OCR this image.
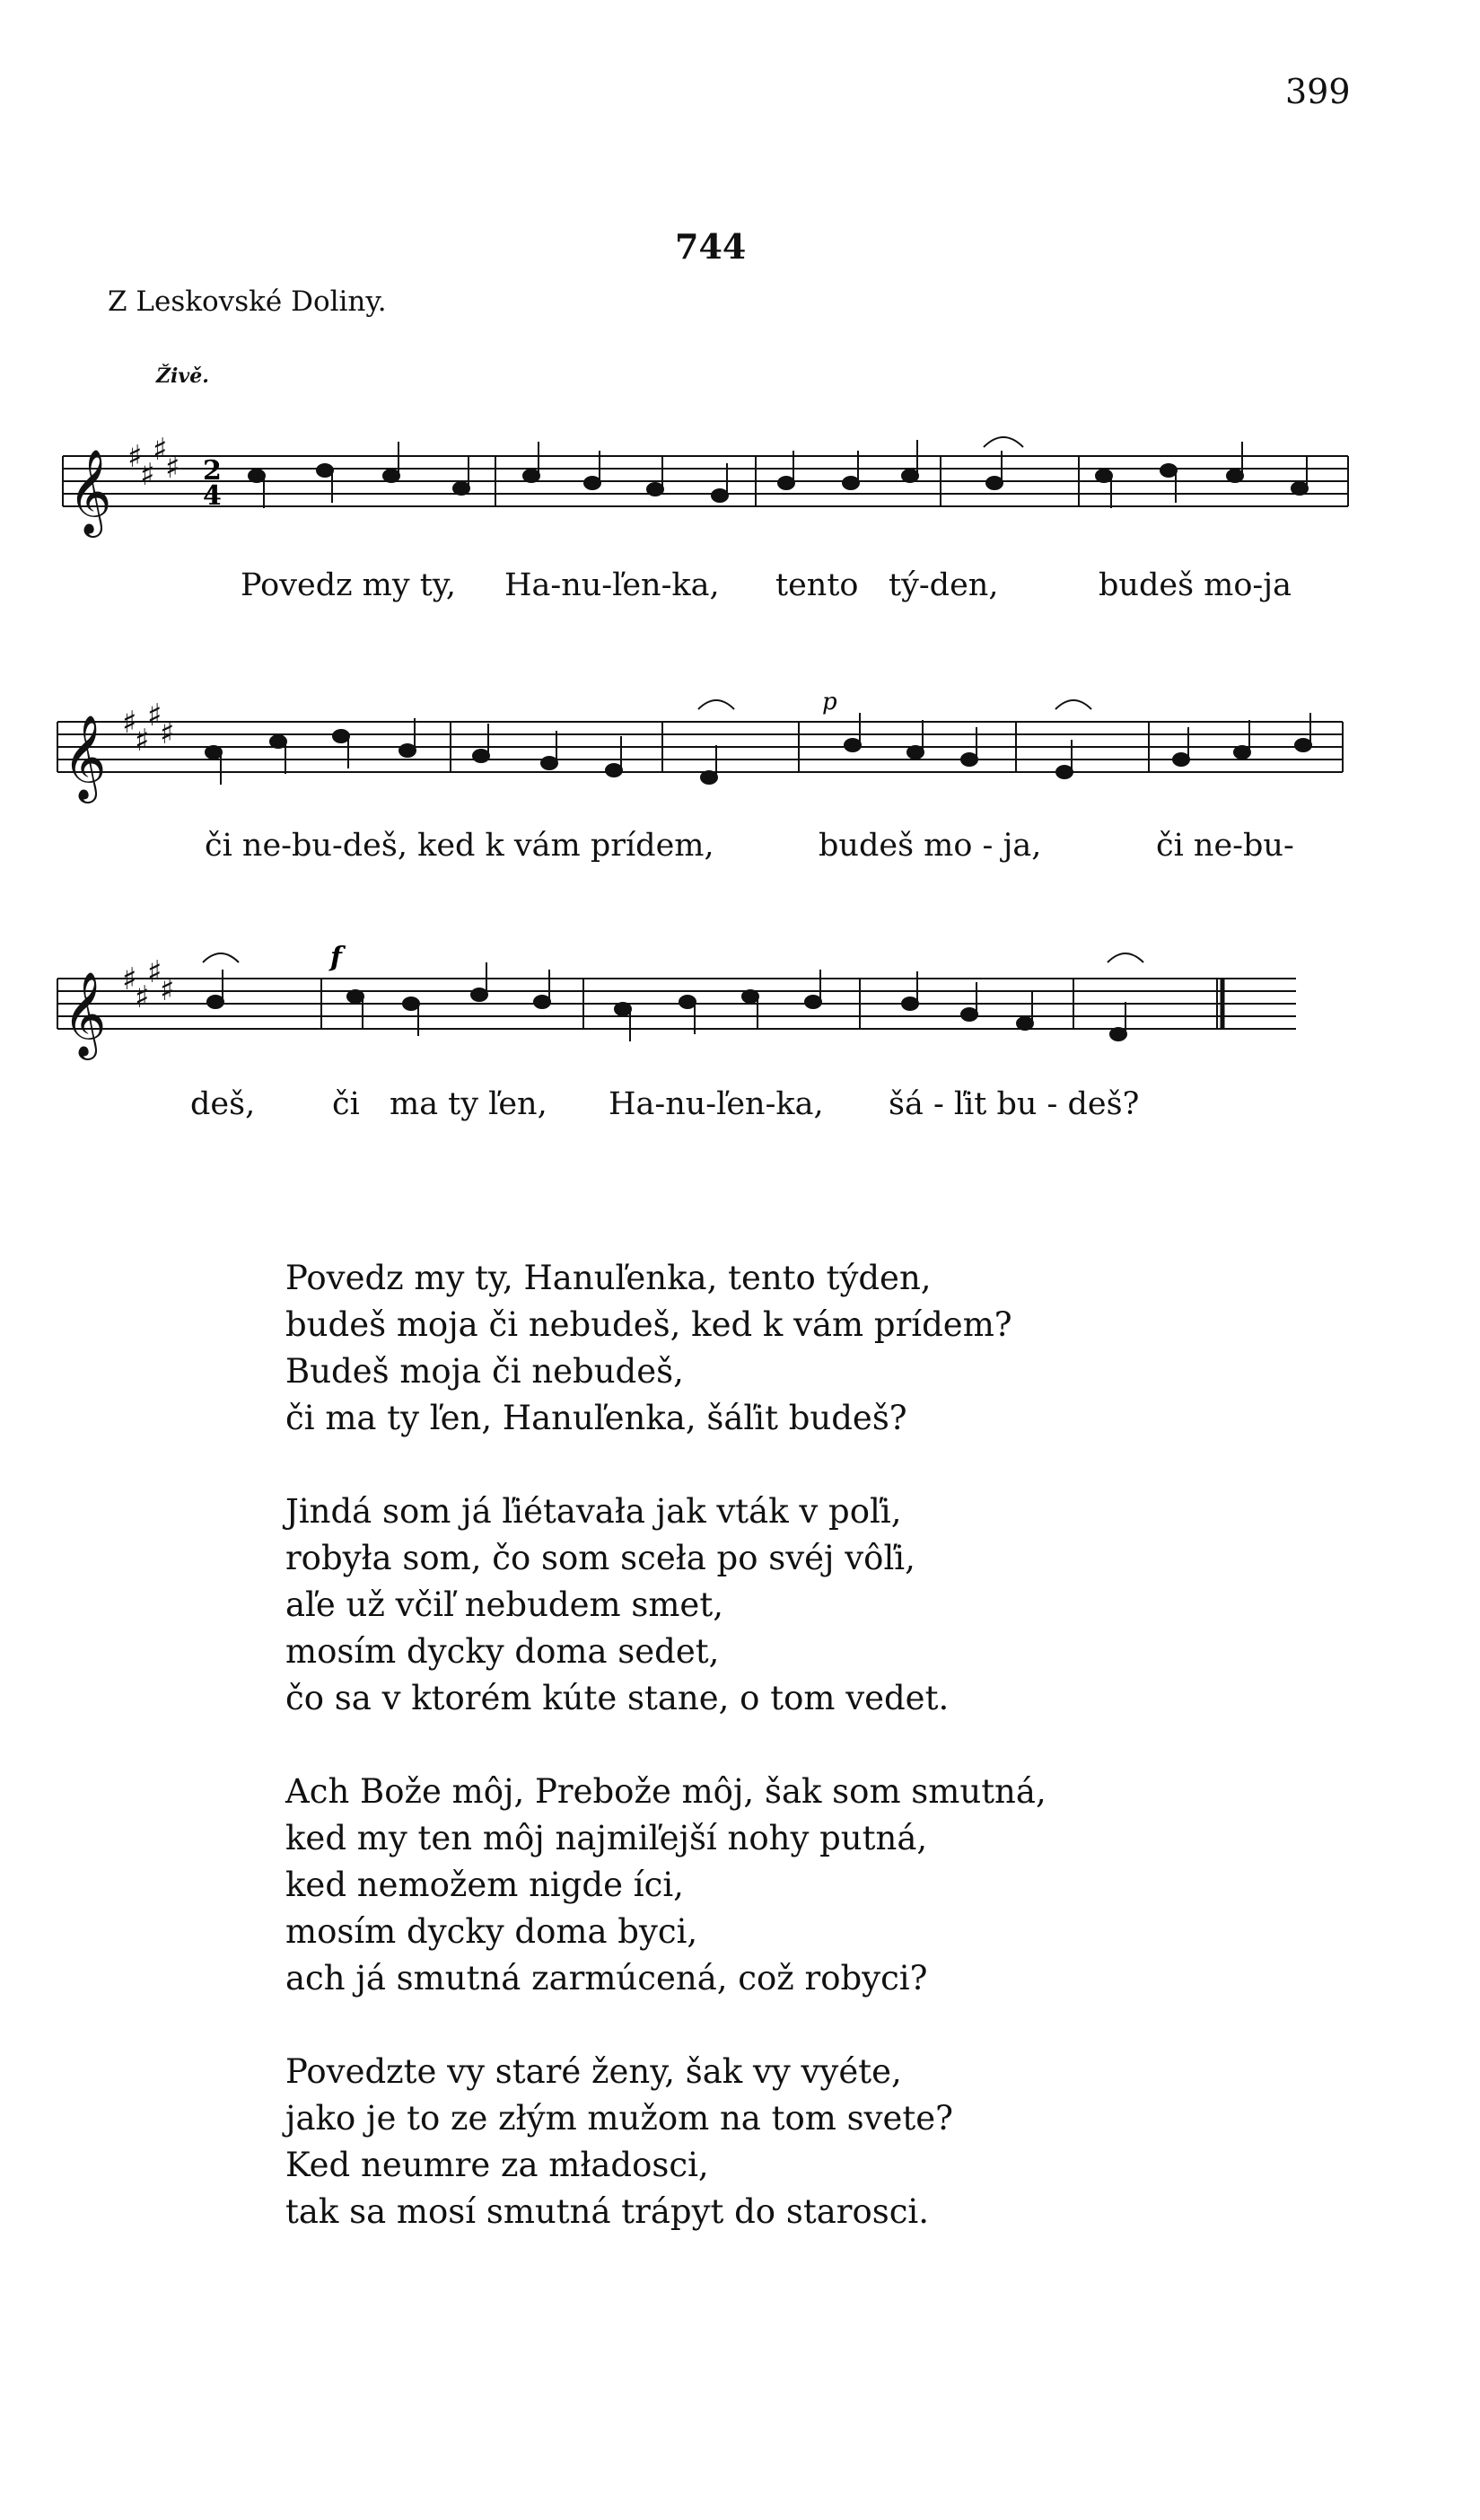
399
744
Z Leskovské Doliny.
Živě.
𝄞 ♯
♯
♯
♯ 2
4
𝄞 ♯
♯
♯
♯
𝄞 ♯
♯
♯
♯
p
f
Povedz my ty, Ha-nu-ľen-ka, tento tý-den,	budeš mo-ja
či ne-bu-deš, ked k vám prídem,	budeš mo - ja,	či ne-bu-
deš, či ma ty ľen, Ha-nu-ľen-ka, šá - ľit bu - deš?
Povedz my ty, Hanuľenka, tento týden,
budeš moja či nebudeš, ked k vám prídem?
Budeš moja či nebudeš,
či ma ty ľen, Hanuľenka, šáľit budeš?
Jindá som já ľiétavała jak vták v poľi,
robyła som, čo som sceła po svéj vôľi,
aľe už včiľ nebudem smet,
mosím dycky doma sedet,
čo sa v ktorém kúte stane, o tom vedet.
Ach Bože môj, Prebože môj, šak som smutná,
ked my ten môj najmiľejší nohy putná,
ked nemožem nigde íci,
mosím dycky doma byci,
ach já smutná zarmúcená, což robyci?
Povedzte vy staré ženy, šak vy vyéte,
jako je to ze złým mužom na tom svete?
Ked neumre za mładosci,
tak sa mosí smutná trápyt do starosci.
